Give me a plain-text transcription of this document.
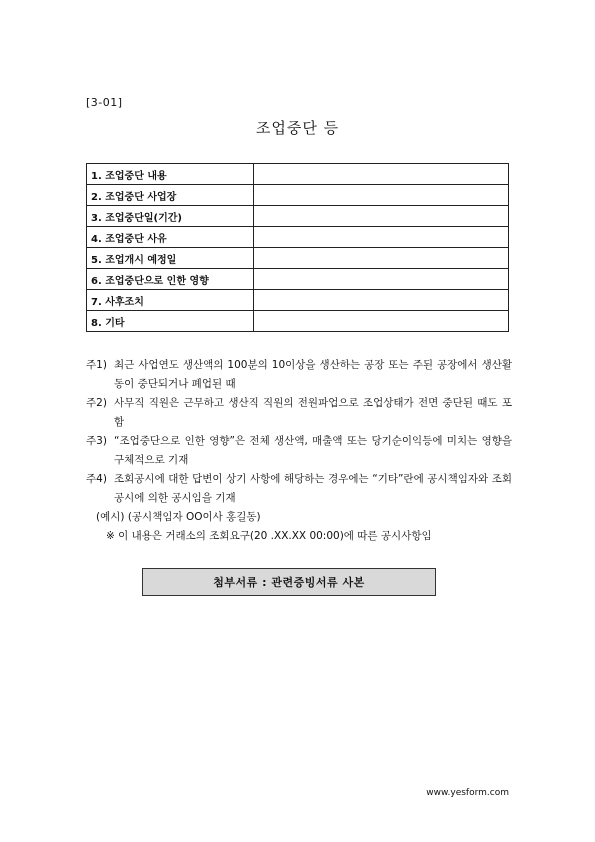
[3-01]
조업중단 등
1. 조업중단 내용	
2. 조업중단 사업장	
3. 조업중단일(기간)	
4. 조업중단 사유	
5. 조업개시 예정일	
6. 조업중단으로 인한 영향	
7. 사후조치	
8. 기타	
주1) 최근 사업연도 생산액의 100분의 10이상을 생산하는 공장 또는 주된 공장에서 생산활동이 중단되거나 폐업된 때
주2) 사무직 직원은 근무하고 생산직 직원의 전원파업으로 조업상태가 전면 중단된 때도 포함
주3) “조업중단으로 인한 영향”은 전체 생산액, 매출액 또는 당기순이익등에 미치는 영향을 구체적으로 기재
주4) 조회공시에 대한 답변이 상기 사항에 해당하는 경우에는 “기타”란에 공시책임자와 조회공시에 의한 공시임을 기재
(예시) (공시책임자 OO이사 홍길동)
※ 이 내용은 거래소의 조회요구(20 .XX.XX 00:00)에 따른 공시사항임
첨부서류 : 관련증빙서류 사본
www.yesform.com
